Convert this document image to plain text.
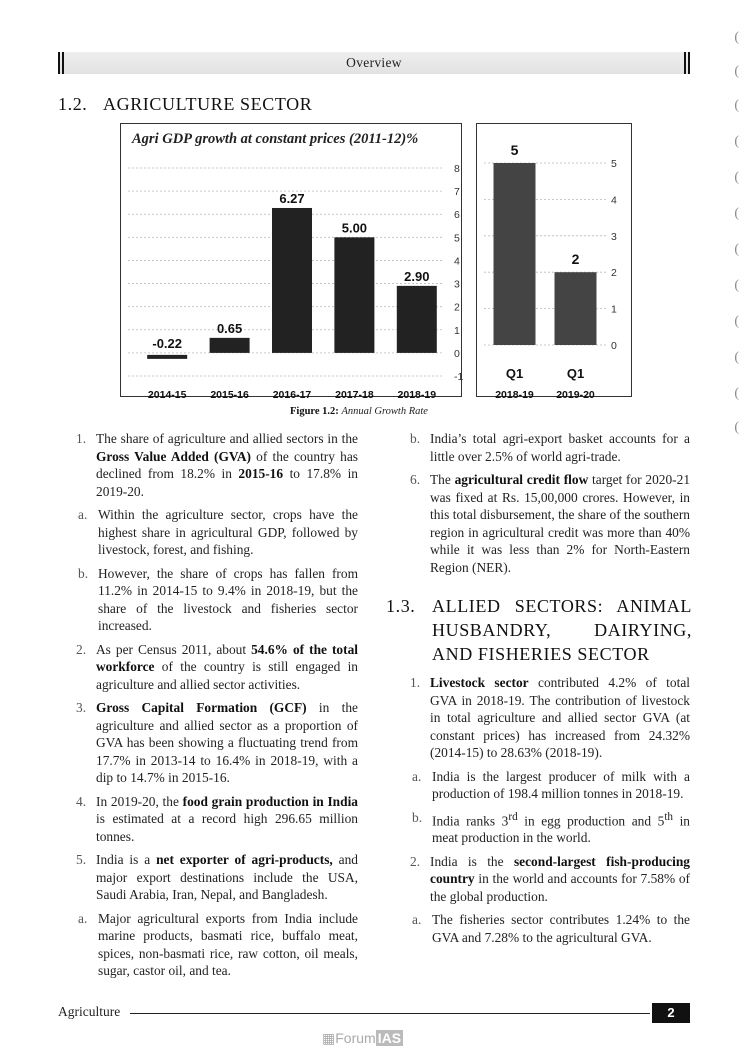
Overview
(
(
(
(
(
(
(
(
(
(
(
(
1.2. AGRICULTURE SECTOR
Agri GDP growth at constant prices (2011-12)%
-1
0
1
2
3
4
5
6
7
8
-0.22
2014-15
0.65
2015-16
6.27
2016-17
5.00
2017-18
2.90
2018-19
0
1
2
3
4
5
5
Q1
2018-19
2
Q1
2019-20
Figure 1.2: Annual Growth Rate
1. The share of agriculture and allied sectors in the Gross Value Added (GVA) of the country has declined from 18.2% in 2015-16 to 17.8% in 2019-20.
a. Within the agriculture sector, crops have the highest share in agricultural GDP, followed by livestock, forest, and fishing.
b. However, the share of crops has fallen from 11.2% in 2014-15 to 9.4% in 2018-19, but the share of the livestock and fisheries sector increased.
2. As per Census 2011, about 54.6% of the total workforce of the country is still engaged in agriculture and allied sector activities.
3. Gross Capital Formation (GCF) in the agriculture and allied sector as a proportion of GVA has been showing a fluctuating trend from 17.7% in 2013-14 to 16.4% in 2018-19, with a dip to 14.7% in 2015-16.
4. In 2019-20, the food grain production in India is estimated at a record high 296.65 million tonnes.
5. India is a net exporter of agri-products, and major export destinations include the USA, Saudi Arabia, Iran, Nepal, and Bangladesh.
a. Major agricultural exports from India include marine products, basmati rice, buffalo meat, spices, non-basmati rice, raw cotton, oil meals, sugar, castor oil, and tea.
b. India’s total agri-export basket accounts for a little over 2.5% of world agri-trade.
6. The agricultural credit flow target for 2020-21 was fixed at Rs. 15,00,000 crores. However, in this total disbursement, the share of the southern region in agricultural credit was more than 40% while it was less than 2% for North-Eastern Region (NER).
1.3. ALLIED SECTORS: ANIMAL HUSBANDRY, DAIRYING, AND FISHERIES SECTOR
1. Livestock sector contributed 4.2% of total GVA in 2018-19. The contribution of livestock in total agriculture and allied sector GVA (at constant prices) has increased from 24.32% (2014-15) to 28.63% (2018-19).
a. India is the largest producer of milk with a production of 198.4 million tonnes in 2018-19.
b. India ranks 3rd in egg production and 5th in meat production in the world.
2. India is the second-largest fish-producing country in the world and accounts for 7.58% of the global production.
a. The fisheries sector contributes 1.24% to the GVA and 7.28% to the agricultural GVA.
Agriculture	2
▦Forum IAS
